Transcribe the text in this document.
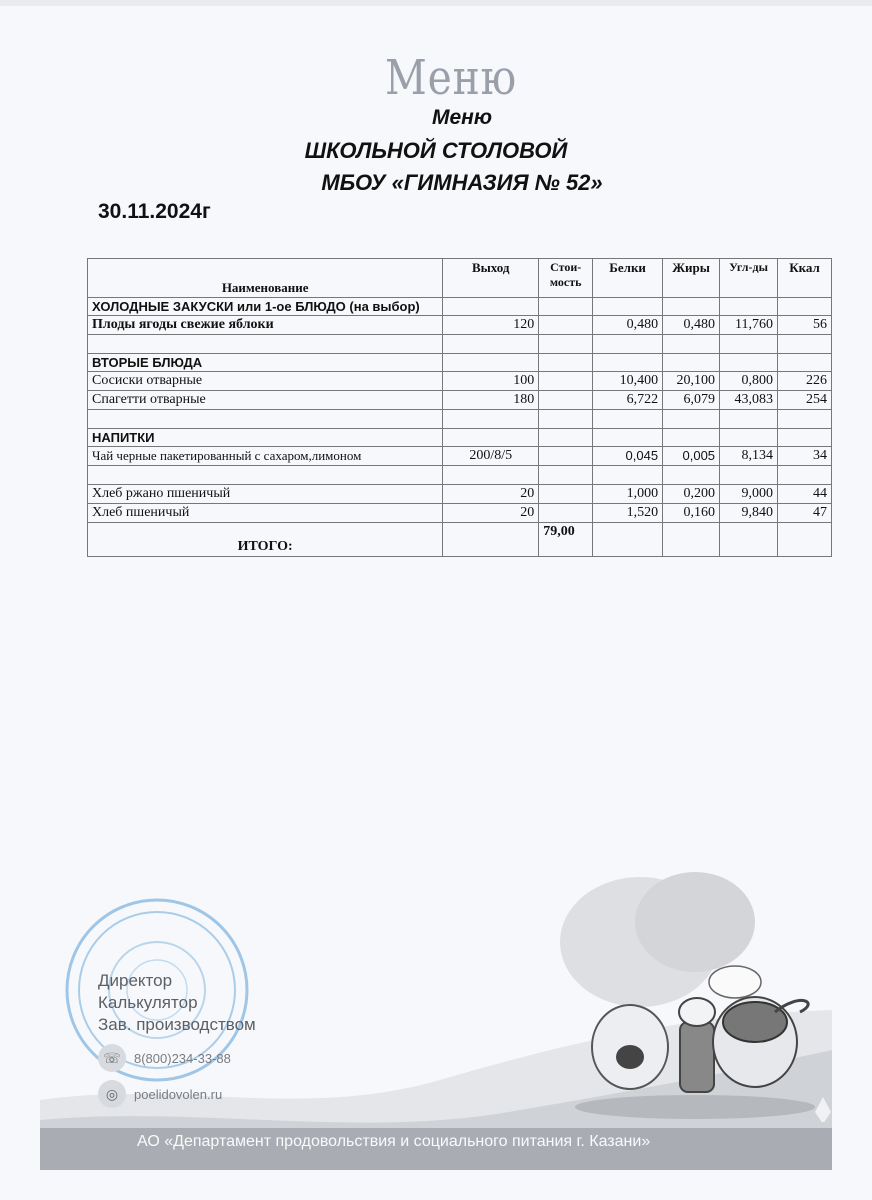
Меню
Меню
ШКОЛЬНОЙ СТОЛОВОЙ
МБОУ «ГИМНАЗИЯ № 52»
30.11.2024г
Наименование	Выход	Стои-мость	Белки	Жиры	Угл-ды	Ккал
ХОЛОДНЫЕ ЗАКУСКИ или 1-ое БЛЮДО (на выбор)						
Плоды ягоды свежие яблоки	120		0,480	0,480	11,760	56

ВТОРЫЕ БЛЮДА						
Сосиски отварные	100		10,400	20,100	0,800	226
Спагетти отварные	180		6,722	6,079	43,083	254

НАПИТКИ						
Чай черные пакетированный с сахаром,лимоном	200/8/5		0,045	0,005	8,134	34

Хлеб ржано пшеничый	20		1,000	0,200	9,000	44
Хлеб пшеничый	20		1,520	0,160	9,840	47
ИТОГО:		79,00				
Директор
Калькулятор
Зав. производством
☏	8(800)234-33-88
◎	poelidovolen.ru
АО «Департамент продовольствия и социального питания г. Казани»
